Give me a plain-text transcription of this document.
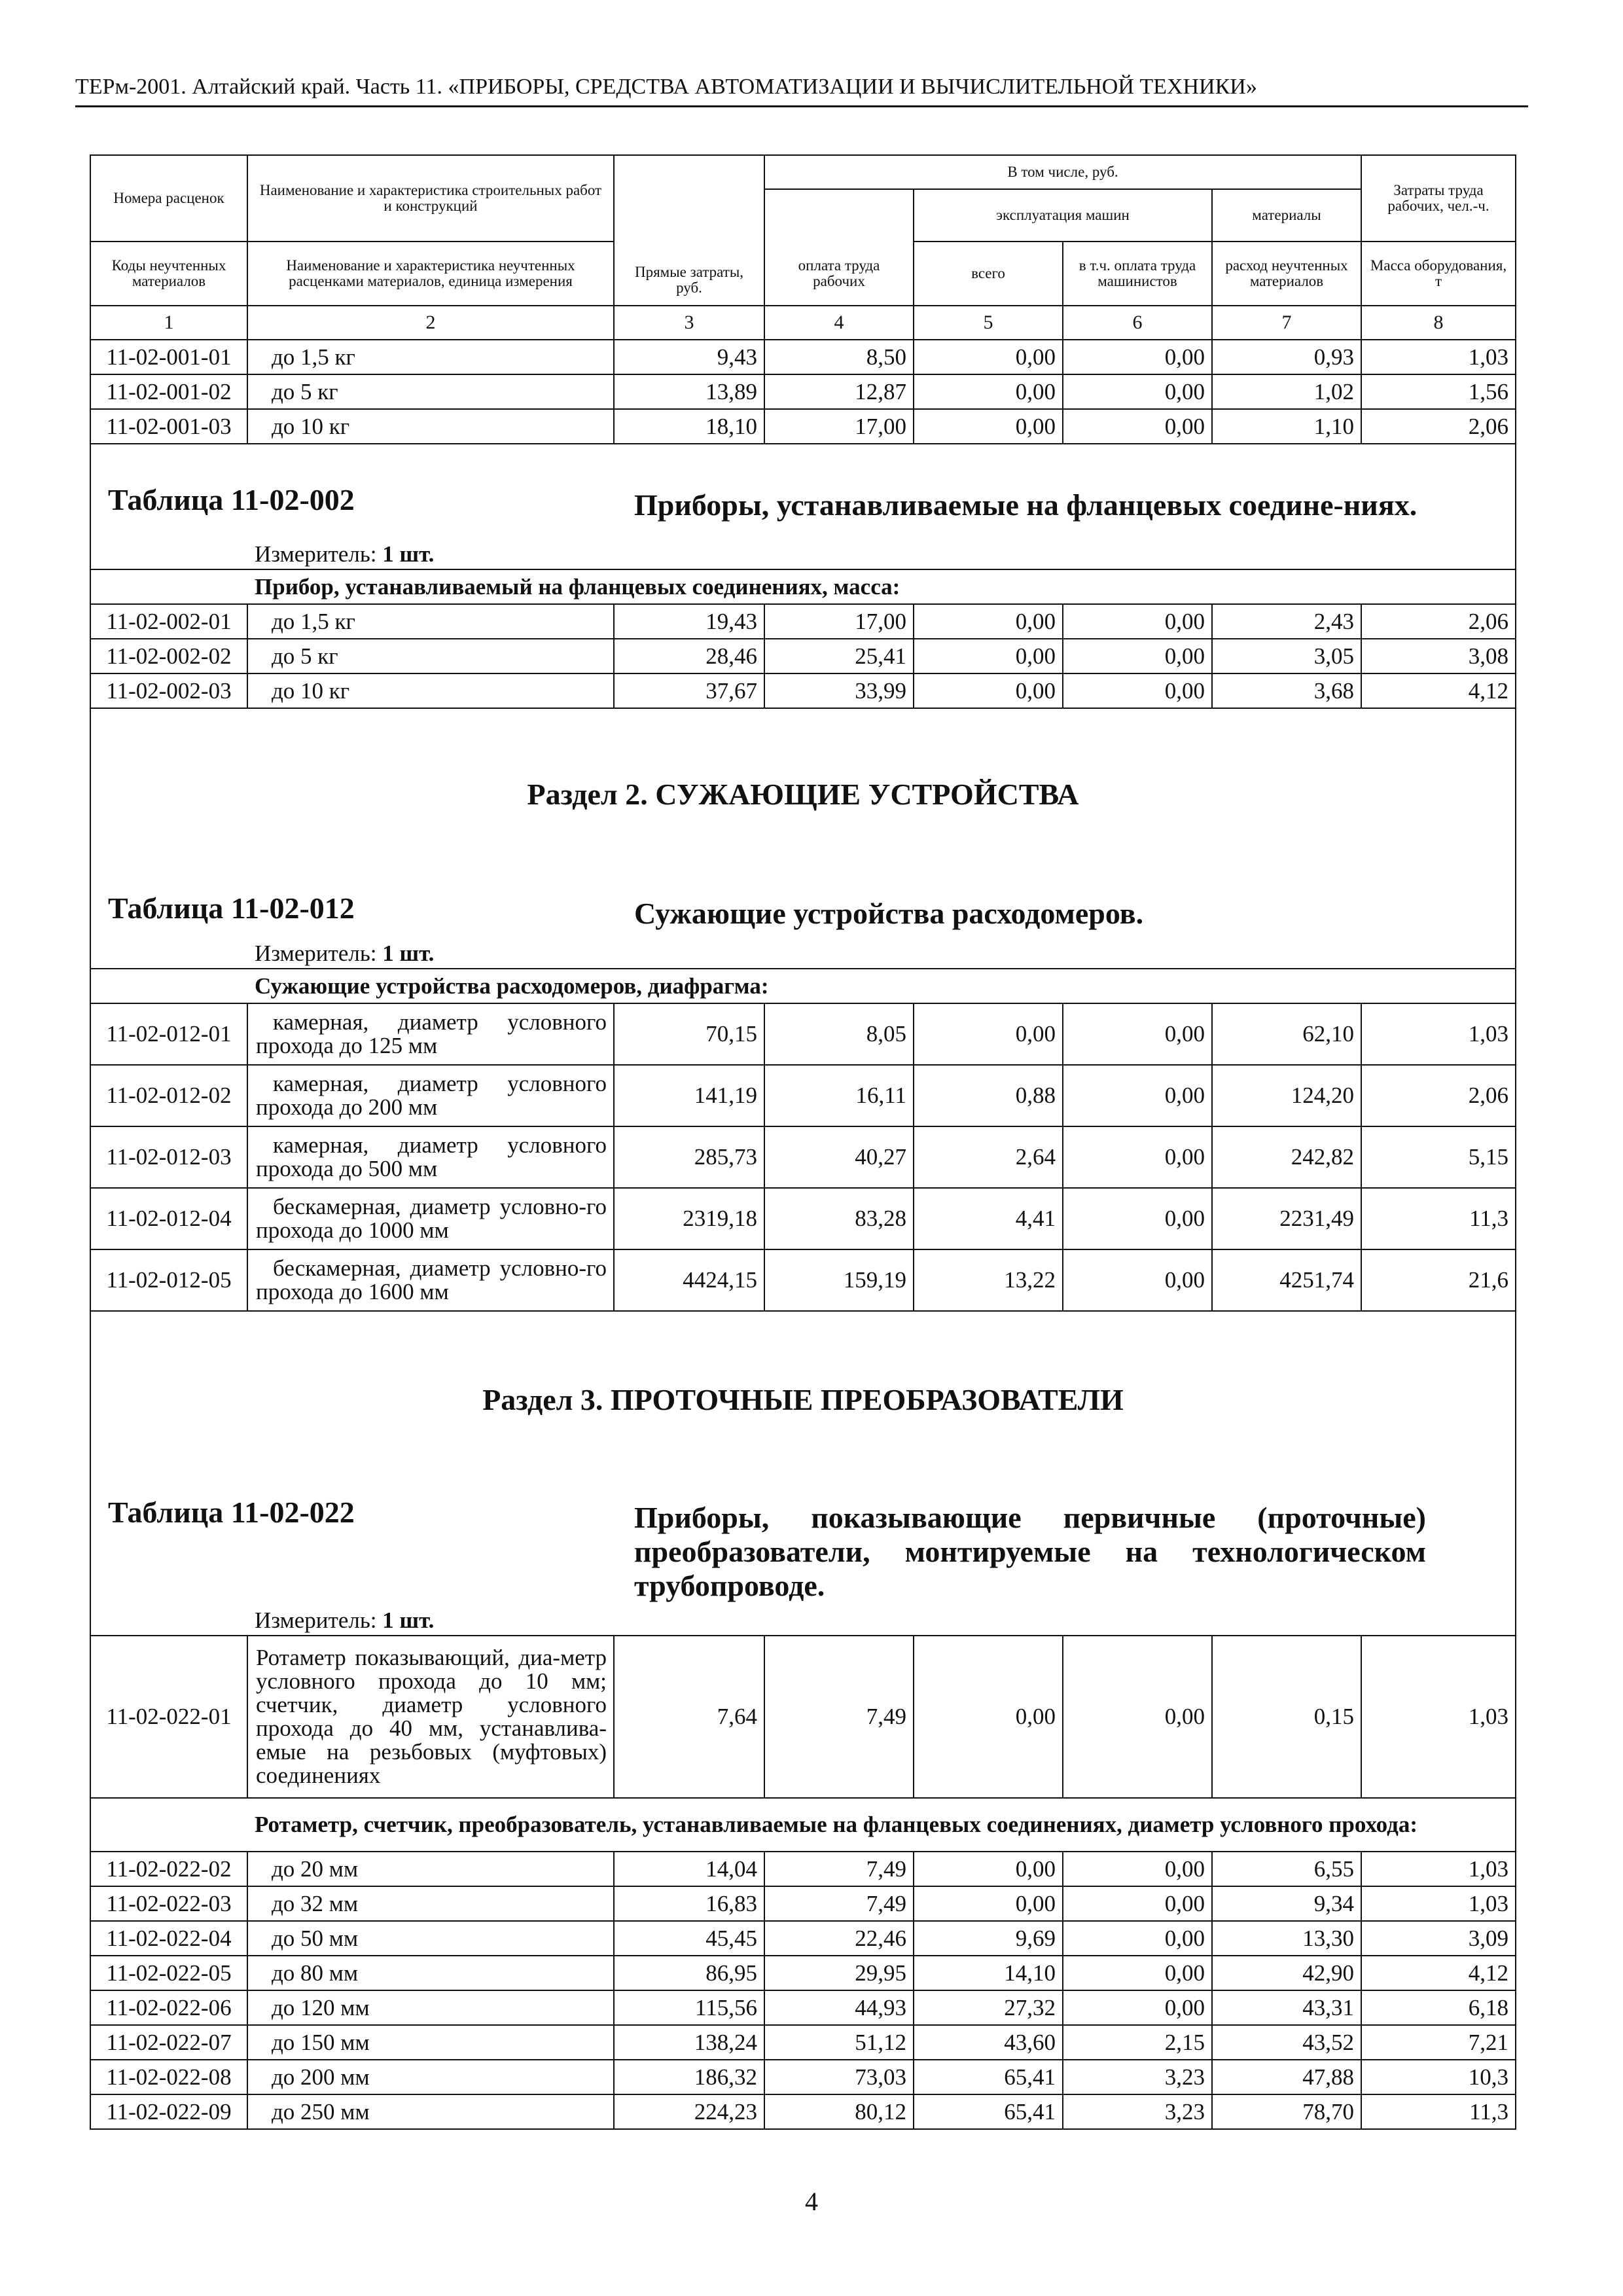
ТЕРм-2001. Алтайский край. Часть 11. «ПРИБОРЫ, СРЕДСТВА АВТОМАТИЗАЦИИ И ВЫЧИСЛИТЕЛЬНОЙ ТЕХНИКИ»
Номера расценок	Наименование и характеристика строительных работ и конструкций	Прямые затраты, руб.	В том числе, руб.				Затраты труда рабочих, чел.-ч.
				эксплуатация машин		материалы	
Коды неучтенных материалов	Наименование и характеристика неучтенных расценками материалов, единица измерения		оплата труда рабочих	всего	в т.ч. оплата труда машинистов	расход неучтенных материалов	Масса оборудования, т
1	2	3	4	5	6	7	8
11-02-001-01	до 1,5 кг	9,43	8,50	0,00	0,00	0,93	1,03
11-02-001-02	до 5 кг	13,89	12,87	0,00	0,00	1,02	1,56
11-02-001-03	до 10 кг	18,10	17,00	0,00	0,00	1,10	2,06

Таблица 11-02-002 Приборы, устанавливаемые на фланцевых соедине-ниях.							

Измеритель: 1 шт.							
Прибор, устанавливаемый на фланцевых соединениях, масса:							
11-02-002-01	до 1,5 кг	19,43	17,00	0,00	0,00	2,43	2,06
11-02-002-02	до 5 кг	28,46	25,41	0,00	0,00	3,05	3,08
11-02-002-03	до 10 кг	37,67	33,99	0,00	0,00	3,68	4,12
Раздел 2. СУЖАЮЩИЕ УСТРОЙСТВА							

Таблица 11-02-012 Сужающие устройства расходомеров.							

Измеритель: 1 шт.							
Сужающие устройства расходомеров, диафрагма:							
11-02-012-01	камерная, диаметр условного прохода до 125 мм	70,15	8,05	0,00	0,00	62,10	1,03
11-02-012-02	камерная, диаметр условного прохода до 200 мм	141,19	16,11	0,88	0,00	124,20	2,06
11-02-012-03	камерная, диаметр условного прохода до 500 мм	285,73	40,27	2,64	0,00	242,82	5,15
11-02-012-04	бескамерная, диаметр условно-го прохода до 1000 мм	2319,18	83,28	4,41	0,00	2231,49	11,3
11-02-012-05	бескамерная, диаметр условно-го прохода до 1600 мм	4424,15	159,19	13,22	0,00	4251,74	21,6
Раздел 3. ПРОТОЧНЫЕ ПРЕОБРАЗОВАТЕЛИ							

Таблица 11-02-022 Приборы, показывающие первичные (проточные) преобразователи, монтируемые на технологическом трубопроводе.							

Измеритель: 1 шт.							
11-02-022-01	Ротаметр показывающий, диа-метр условного прохода до 10 мм; счетчик, диаметр условного прохода до 40 мм, устанавлива-емые на резьбовых (муфтовых) соединениях	7,64	7,49	0,00	0,00	0,15	1,03
Ротаметр, счетчик, преобразователь, устанавливаемые на фланцевых соединениях, диаметр условного прохода:							
11-02-022-02	до 20 мм	14,04	7,49	0,00	0,00	6,55	1,03
11-02-022-03	до 32 мм	16,83	7,49	0,00	0,00	9,34	1,03
11-02-022-04	до 50 мм	45,45	22,46	9,69	0,00	13,30	3,09
11-02-022-05	до 80 мм	86,95	29,95	14,10	0,00	42,90	4,12
11-02-022-06	до 120 мм	115,56	44,93	27,32	0,00	43,31	6,18
11-02-022-07	до 150 мм	138,24	51,12	43,60	2,15	43,52	7,21
11-02-022-08	до 200 мм	186,32	73,03	65,41	3,23	47,88	10,3
11-02-022-09	до 250 мм	224,23	80,12	65,41	3,23	78,70	11,3
4
